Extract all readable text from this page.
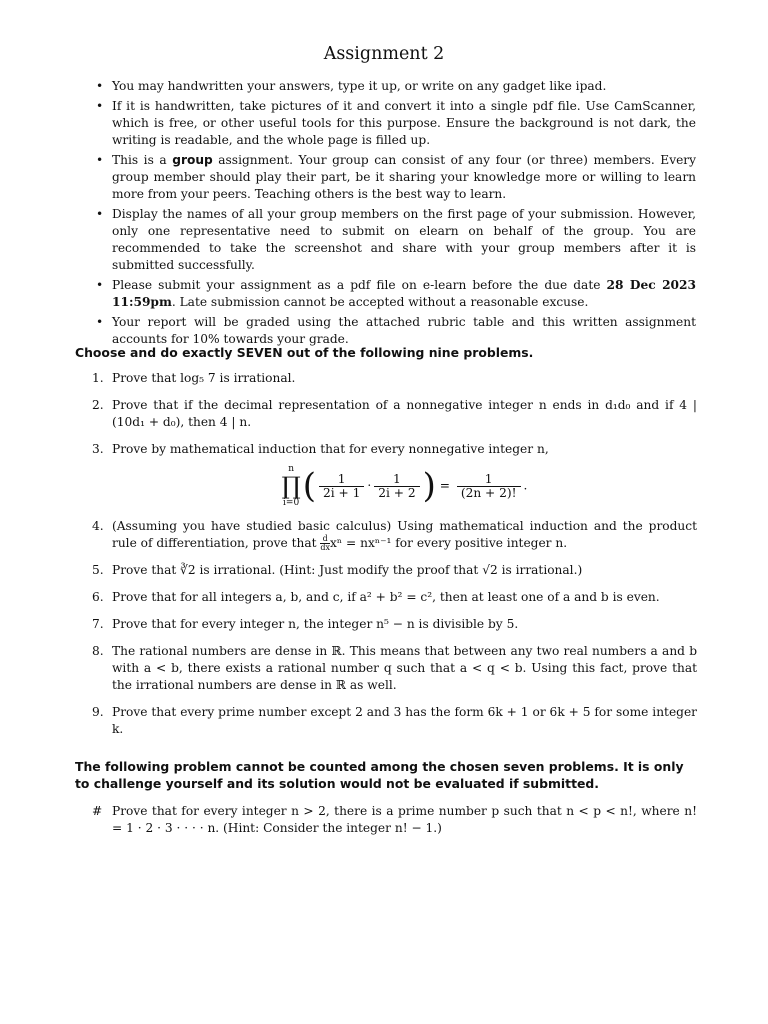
Assignment 2
• You may handwritten your answers, type it up, or write on any gadget like ipad.
• If it is handwritten, take pictures of it and convert it into a single pdf file. Use CamScanner, which is free, or other useful tools for this purpose. Ensure the background is not dark, the writing is readable, and the whole page is filled up.
• This is a group assignment. Your group can consist of any four (or three) members. Every group member should play their part, be it sharing your knowledge more or willing to learn more from your peers. Teaching others is the best way to learn.
• Display the names of all your group members on the first page of your submission. However, only one representative need to submit on elearn on behalf of the group. You are recommended to take the screenshot and share with your group members after it is submitted successfully.
• Please submit your assignment as a pdf file on e-learn before the due date 28 Dec 2023 11:59pm. Late submission cannot be accepted without a reasonable excuse.
• Your report will be graded using the attached rubric table and this written assignment accounts for 10% towards your grade.
Choose and do exactly SEVEN out of the following nine problems.
1. Prove that log₅ 7 is irrational.
2. Prove that if the decimal representation of a nonnegative integer n ends in d₁d₀ and if 4 | (10d₁ + d₀), then 4 | n.
3. Prove by mathematical induction that for every nonnegative integer n,
n
∏
i=0 ( $\frac{1}{2i + 1} \cdot \frac{1}{2i + 2}$ ) = $\frac{1}{(2n + 2)!}$ .
4. (Assuming you have studied basic calculus) Using mathematical induction and the product rule of differentiation, prove that $\frac{d}{dx}$ xⁿ = nxⁿ⁻¹ for every positive integer n.
5. Prove that ∛2 is irrational. (Hint: Just modify the proof that √2 is irrational.)
6. Prove that for all integers a, b, and c, if a² + b² = c², then at least one of a and b is even.
7. Prove that for every integer n, the integer n⁵ − n is divisible by 5.
8. The rational numbers are dense in ℝ. This means that between any two real numbers a and b with a < b, there exists a rational number q such that a < q < b. Using this fact, prove that the irrational numbers are dense in ℝ as well.
9. Prove that every prime number except 2 and 3 has the form 6k + 1 or 6k + 5 for some integer k.
The following problem cannot be counted among the chosen seven problems. It is only to challenge yourself and its solution would not be evaluated if submitted.
# Prove that for every integer n > 2, there is a prime number p such that n < p < n!, where n! = 1 · 2 · 3 · · · · n. (Hint: Consider the integer n! − 1.)
